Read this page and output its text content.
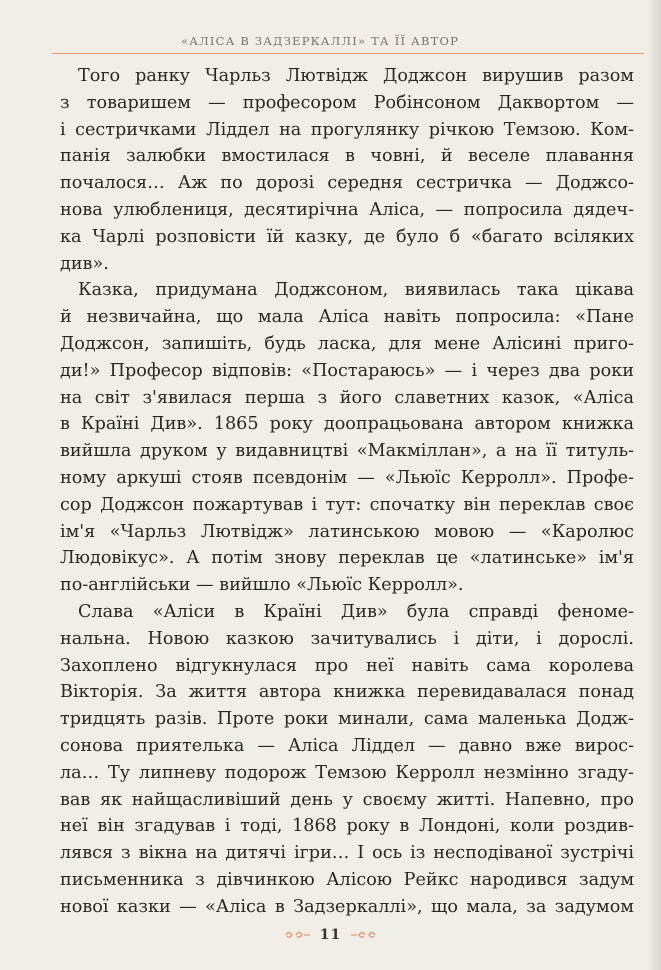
«АЛІСА В ЗАДЗЕРКАЛЛІ» ТА ЇЇ АВТОР

Того ранку Чарльз Лютвідж Доджсон вирушив разом
з товаришем — професором Робінсоном Даквортом —
і сестричками Ліддел на прогулянку річкою Темзою. Ком-
панія залюбки вмостилася в човні, й веселе плавання
почалося… Аж по дорозі середня сестричка — Доджсо-
нова улюблениця, десятирічна Аліса, — попросила дядеч-
ка Чарлі розповісти їй казку, де було б «багато всіляких
див».

Казка, придумана Доджсоном, виявилась така цікава
й незвичайна, що мала Аліса навіть попросила: «Пане
Доджсон, запишіть, будь ласка, для мене Алісині приго-
ди!» Професор відповів: «Постараюсь» — і через два роки
на світ з'явилася перша з його славетних казок, «Аліса
в Країні Див». 1865 року доопрацьована автором книжка
вийшла друком у видавництві «Макміллан», а на її титуль-
ному аркуші стояв псевдонім — «Льюїс Керролл». Профе-
сор Доджсон пожартував і тут: спочатку він переклав своє
ім'я «Чарльз Лютвідж» латинською мовою — «Каролюс
Людовікус». А потім знову переклав це «латинське» ім'я
по-англійськи — вийшло «Льюїс Керролл».

Слава «Аліси в Країні Див» була справді феноме-
нальна. Новою казкою зачитувались і діти, і дорослі.
Захоплено відгукнулася про неї навіть сама королева
Вікторія. За життя автора книжка перевидавалася понад
тридцять разів. Проте роки минали, сама маленька Додж-
сонова приятелька — Аліса Ліддел — давно вже вирос-
ла… Ту липневу подорож Темзою Керролл незмінно згаду-
вав як найщасливіший день у своєму житті. Напевно, про
неї він згадував і тоді, 1868 року в Лондоні, коли роздив-
лявся з вікна на дитячі ігри… І ось із несподіваної зустрічі
письменника з дівчинкою Алісою Рейкс народився задум
нової казки — «Аліса в Задзеркаллі», що мала, за задумом

11
